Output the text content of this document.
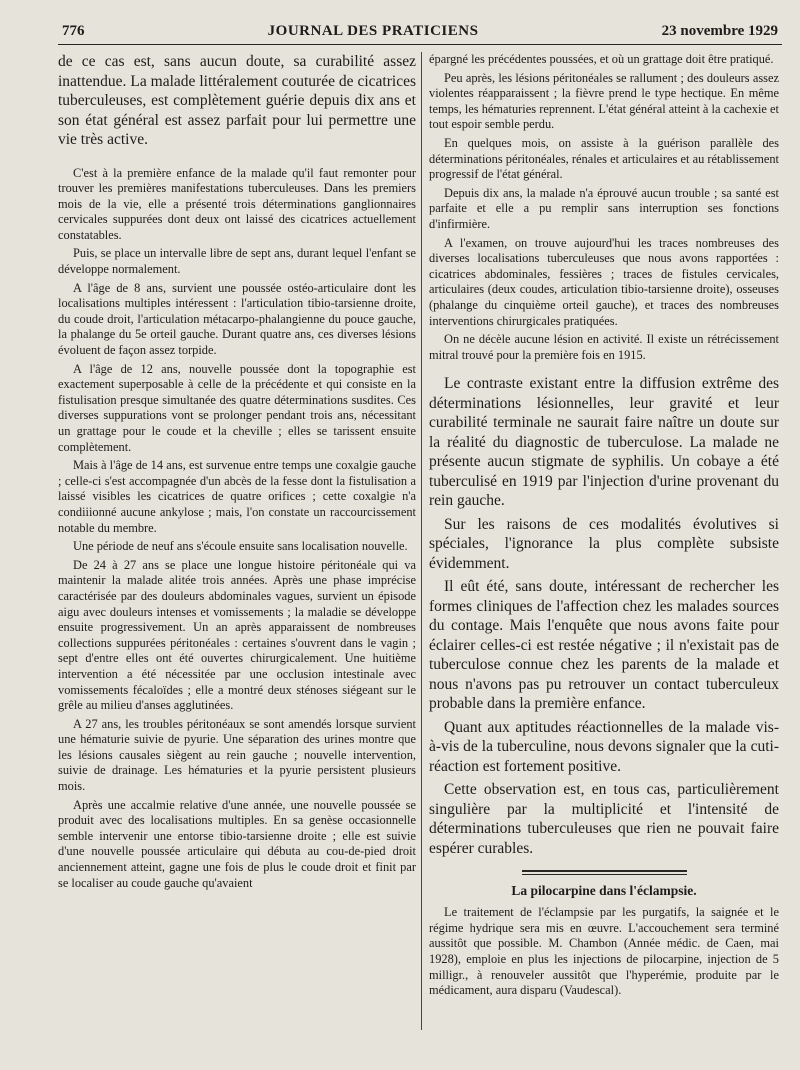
776	JOURNAL DES PRATICIENS	23 novembre 1929

de ce cas est, sans aucun doute, sa curabilité assez inattendue. La malade littéralement couturée de cicatrices tuberculeuses, est complètement guérie depuis dix ans et son état général est assez parfait pour lui permettre une vie très active.

C'est à la première enfance de la malade qu'il faut remonter pour trouver les premières manifestations tuberculeuses. Dans les premiers mois de la vie, elle a présenté trois déterminations ganglionnaires cervicales suppurées dont deux ont laissé des cicatrices actuellement constatables.

Puis, se place un intervalle libre de sept ans, durant lequel l'enfant se développe normalement.

A l'âge de 8 ans, survient une poussée ostéo-articulaire dont les localisations multiples intéressent : l'articulation tibio-tarsienne droite, du coude droit, l'articulation métacarpo-phalangienne du pouce gauche, la phalange du 5e orteil gauche. Durant quatre ans, ces diverses lésions évoluent de façon assez torpide.

A l'âge de 12 ans, nouvelle poussée dont la topographie est exactement superposable à celle de la précédente et qui consiste en la fistulisation presque simultanée des quatre déterminations susdites. Ces diverses suppurations vont se prolonger pendant trois ans, nécessitant un grattage pour le coude et la cheville ; elles se tarissent ensuite complètement.

Mais à l'âge de 14 ans, est survenue entre temps une coxalgie gauche ; celle-ci s'est accompagnée d'un abcès de la fesse dont la fistulisation a laissé visibles les cicatrices de quatre orifices ; cette coxalgie n'a condiiionné aucune ankylose ; mais, l'on constate un raccourcissement notable du membre.

Une période de neuf ans s'écoule ensuite sans localisation nouvelle.

De 24 à 27 ans se place une longue histoire péritonéale qui va maintenir la malade alitée trois années. Après une phase imprécise caractérisée par des douleurs abdominales vagues, survient un épisode aigu avec douleurs intenses et vomissements ; la maladie se développe ensuite progressivement. Un an après apparaissent de nombreuses collections suppurées péritonéales : certaines s'ouvrent dans le vagin ; sept d'entre elles ont été ouvertes chirurgicalement. Une huitième intervention a été nécessitée par une occlusion intestinale avec vomissements fécaloïdes ; elle a montré deux sténoses siégeant sur le grêle au milieu d'anses agglutinées.

A 27 ans, les troubles péritonéaux se sont amendés lorsque survient une hématurie suivie de pyurie. Une séparation des urines montre que les lésions causales siègent au rein gauche ; nouvelle intervention, suivie de drainage. Les hématuries et la pyurie persistent plusieurs mois.

Après une accalmie relative d'une année, une nouvelle poussée se produit avec des localisations multiples. En sa genèse occasionnelle semble intervenir une entorse tibio-tarsienne droite ; elle est suivie d'une nouvelle poussée articulaire qui débuta au cou-de-pied droit anciennement atteint, gagne une fois de plus le coude droit et finit par se localiser au coude gauche qu'avaient

épargné les précédentes poussées, et où un grattage doit être pratiqué.

Peu après, les lésions péritonéales se rallument ; des douleurs assez violentes réapparaissent ; la fièvre prend le type hectique. En même temps, les hématuries reprennent. L'état général atteint à la cachexie et tout espoir semble perdu.

En quelques mois, on assiste à la guérison parallèle des déterminations péritonéales, rénales et articulaires et au rétablissement progressif de l'état général.

Depuis dix ans, la malade n'a éprouvé aucun trouble ; sa santé est parfaite et elle a pu remplir sans interruption ses fonctions d'infirmière.

A l'examen, on trouve aujourd'hui les traces nombreuses des diverses localisations tuberculeuses que nous avons rapportées : cicatrices abdominales, fessières ; traces de fistules cervicales, articulaires (deux coudes, articulation tibio-tarsienne droite), osseuses (phalange du cinquième orteil gauche), et traces des nombreuses interventions chirurgicales pratiquées.

On ne décèle aucune lésion en activité. Il existe un rétrécissement mitral trouvé pour la première fois en 1915.

Le contraste existant entre la diffusion extrême des déterminations lésionnelles, leur gravité et leur curabilité terminale ne saurait faire naître un doute sur la réalité du diagnostic de tuberculose. La malade ne présente aucun stigmate de syphilis. Un cobaye a été tuberculisé en 1919 par l'injection d'urine provenant du rein gauche.

Sur les raisons de ces modalités évolutives si spéciales, l'ignorance la plus complète subsiste évidemment.

Il eût été, sans doute, intéressant de rechercher les formes cliniques de l'affection chez les malades sources du contage. Mais l'enquête que nous avons faite pour éclairer celles-ci est restée négative ; il n'existait pas de tuberculose connue chez les parents de la malade et nous n'avons pas pu retrouver un contact tuberculeux probable dans la première enfance.

Quant aux aptitudes réactionnelles de la malade vis-à-vis de la tuberculine, nous devons signaler que la cuti-réaction est fortement positive.

Cette observation est, en tous cas, particulièrement singulière par la multiplicité et l'intensité de déterminations tuberculeuses que rien ne pouvait faire espérer curables.

La pilocarpine dans l'éclampsie.

Le traitement de l'éclampsie par les purgatifs, la saignée et le régime hydrique sera mis en œuvre. L'accouchement sera terminé aussitôt que possible. M. Chambon (Année médic. de Caen, mai 1928), emploie en plus les injections de pilocarpine, injection de 5 milligr., à renouveler aussitôt que l'hyperémie, produite par le médicament, aura disparu (Vaudescal).
